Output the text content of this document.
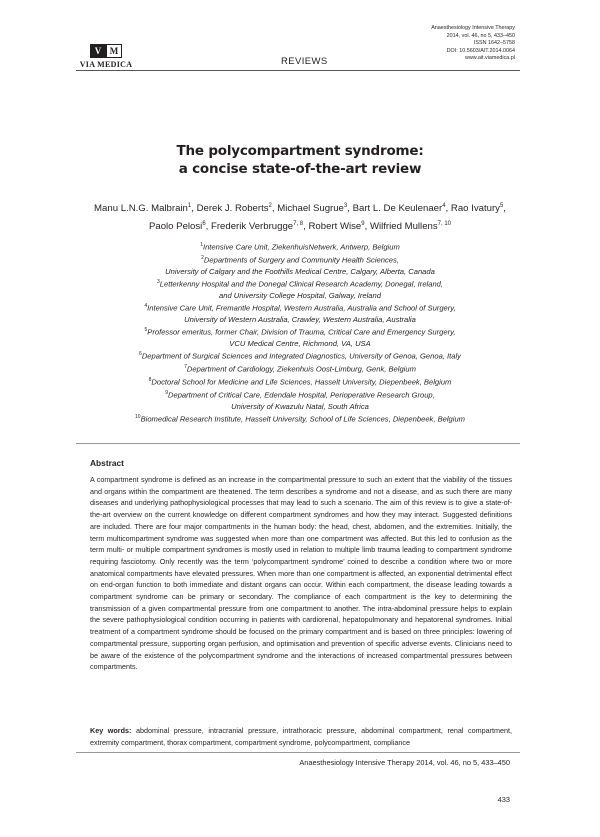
V M
VIA MEDICA	REVIEWS
Anaesthesiology Intensive Therapy
2014, vol. 46, no 5, 433–450
ISSN 1642–5758
DOI: 10.5603/AIT.2014.0064
www.ait.viamedica.pl
The polycompartment syndrome:
a concise state-of-the-art review
Manu L.N.G. Malbrain$^1$, Derek J. Roberts$^2$, Michael Sugrue$^3$, Bart L. De Keulenaer$^4$, Rao Ivatury$^5$,
Paolo Pelosi$^6$, Frederik Verbrugge$^{7, 8}$, Robert Wise$^9$, Wilfried Mullens$^{7, 10}$
$^1$Intensive Care Unit, ZiekenhuisNetwerk, Antwerp, Belgium
$^2$Departments of Surgery and Community Health Sciences,
University of Calgary and the Foothills Medical Centre, Calgary, Alberta, Canada
$^3$Letterkenny Hospital and the Donegal Clinical Research Academy, Donegal, Ireland,
and University College Hospital, Galway, Ireland
$^4$Intensive Care Unit, Fremantle Hospital, Western Australia, Australia and School of Surgery,
University of Western Australia, Crawley, Western Australia, Australia
$^5$Professor emeritus, former Chair, Division of Trauma, Critical Care and Emergency Surgery,
VCU Medical Centre, Richmond, VA, USA
$^6$Department of Surgical Sciences and Integrated Diagnostics, University of Genoa, Genoa, Italy
$^7$Department of Cardiology, Ziekenhuis Oost-Limburg, Genk, Belgium
$^8$Doctoral School for Medicine and Life Sciences, Hasselt University, Diepenbeek, Belgium
$^9$Department of Critical Care, Edendale Hospital, Perioperative Research Group,
University of Kwazulu Natal, South Africa
$^{10}$Biomedical Research Institute, Hasselt University, School of Life Sciences, Diepenbeek, Belgium
Abstract
A compartment syndrome is defined as an increase in the compartmental pressure to such an extent that the viability of the tissues and organs within the compartment are theatened. The term describes a syndrome and not a disease, and as such there are many diseases and underlying pathophysiological processes that may lead to such a scenario. The aim of this review is to give a state-of-the-art overview on the current knowledge on different compartment syndromes and how they may interact. Suggested definitions are included. There are four major compartments in the human body: the head, chest, abdomen, and the extremities. Initially, the term multicompartment syndrome was suggested when more than one compartment was affected. But this led to confusion as the term multi- or multiple compartment syndromes is mostly used in relation to multiple limb trauma leading to compartment syndrome requiring fasciotomy. Only recently was the term ‘polycompartment syndrome’ coined to describe a condition where two or more anatomical compartments have elevated pressures. When more than one compartment is affected, an exponential detrimental effect on end-organ function to both immediate and distant organs can occur. Within each compartment, the disease leading towards a compartment syndrome can be primary or secondary. The compliance of each compartment is the key to determining the transmission of a given compartmental pressure from one compartment to another. The intra-abdominal pressure helps to explain the severe pathophysiological condition occurring in patients with cardiorenal, hepatopulmonary and hepatorenal syndromes. Initial treatment of a compartment syndrome should be focused on the primary compartment and is based on three principles: lowering of compartmental pressure, supporting organ perfusion, and optimisation and prevention of specific adverse events. Clinicians need to be aware of the existence of the polycompartment syndrome and the interactions of increased compartmental pressures between compartments.
Key words: abdominal pressure, intracranial pressure, intrathoracic pressure, abdominal compartment, renal compartment, extremity compartment, thorax compartment, compartment syndrome, polycompartment, compliance
Anaesthesiology Intensive Therapy 2014, vol. 46, no 5, 433–450
433
